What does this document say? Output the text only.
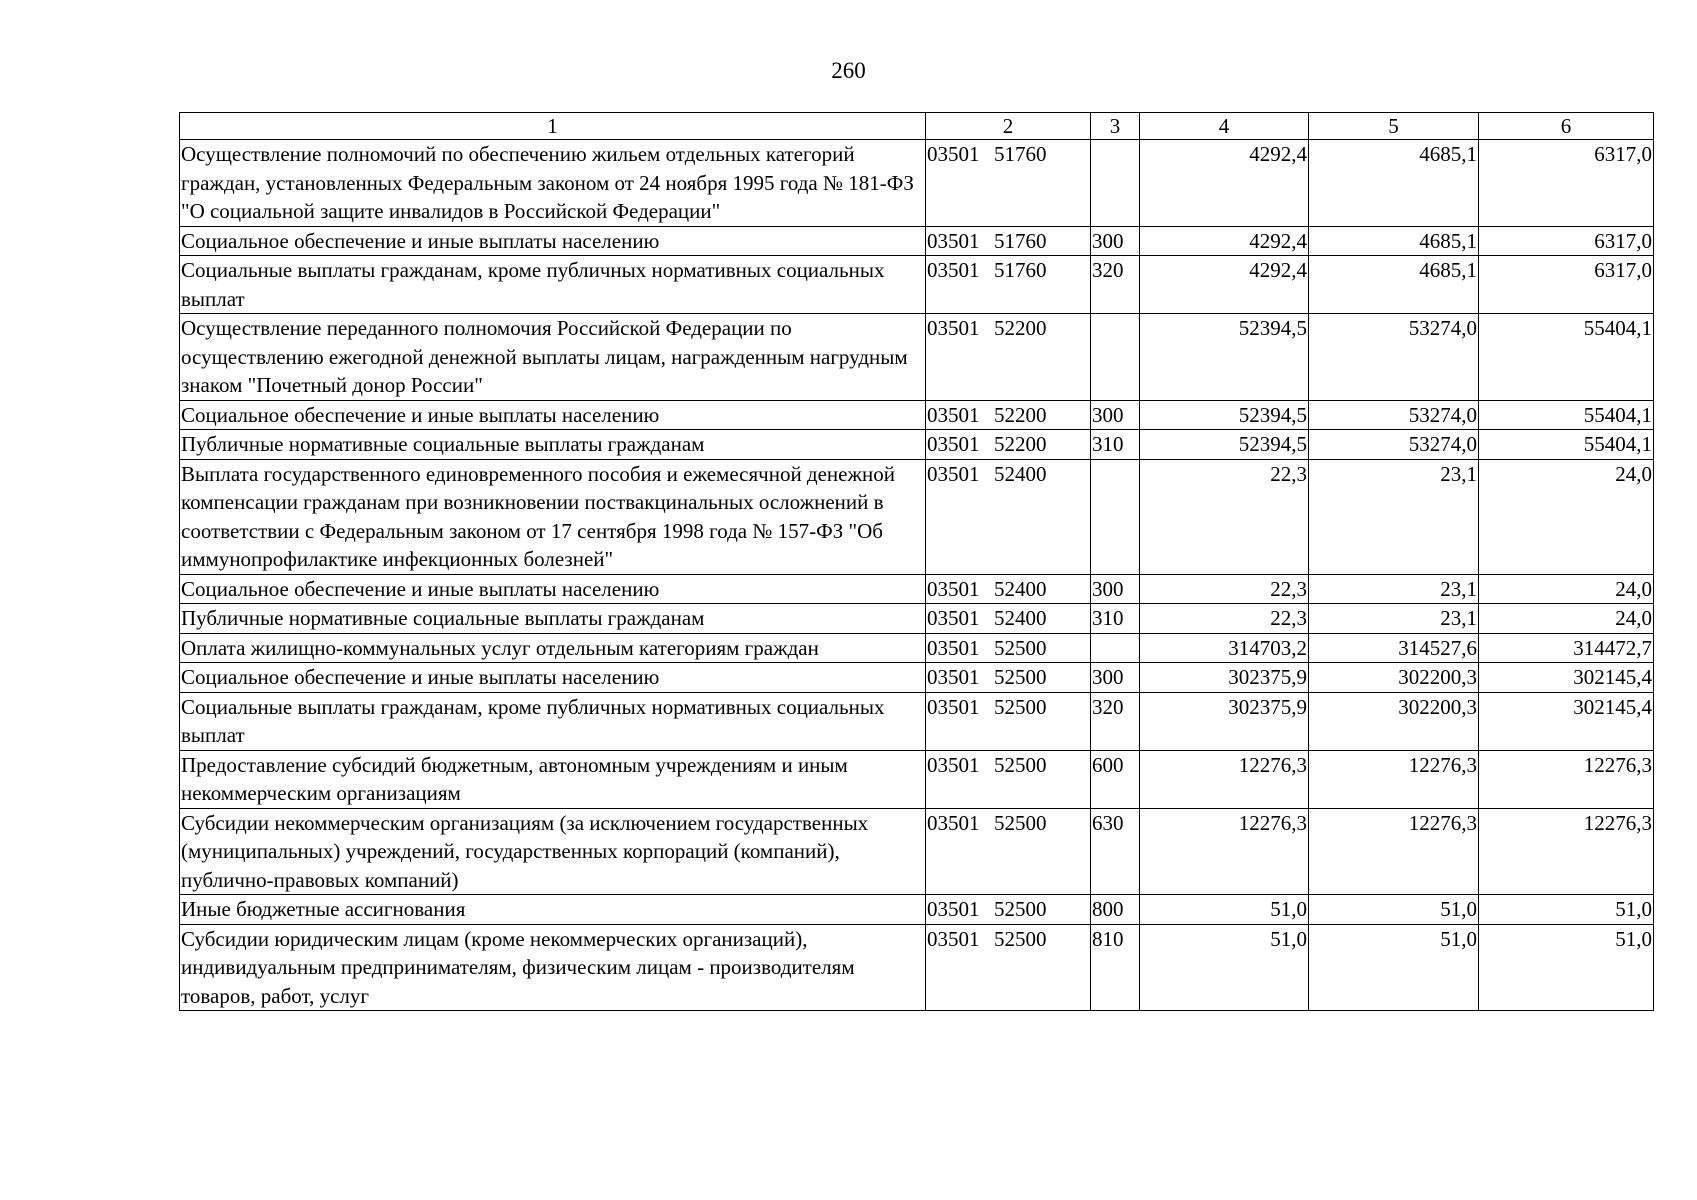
260
1	2	3	4	5	6
Осуществление полномочий по обеспечению жильем отдельных категорий граждан, установленных Федеральным законом от 24 ноября 1995 года № 181-ФЗ "О социальной защите инвалидов в Российской Федерации"	03501 51760		4292,4	4685,1	6317,0
Социальное обеспечение и иные выплаты населению	03501 51760	300	4292,4	4685,1	6317,0
Социальные выплаты гражданам, кроме публичных нормативных социальных выплат	03501 51760	320	4292,4	4685,1	6317,0
Осуществление переданного полномочия Российской Федерации по осуществлению ежегодной денежной выплаты лицам, награжденным нагрудным знаком "Почетный донор России"	03501 52200		52394,5	53274,0	55404,1
Социальное обеспечение и иные выплаты населению	03501 52200	300	52394,5	53274,0	55404,1
Публичные нормативные социальные выплаты гражданам	03501 52200	310	52394,5	53274,0	55404,1
Выплата государственного единовременного пособия и ежемесячной денежной компенсации гражданам при возникновении поствакцинальных осложнений в соответствии с Федеральным законом от 17 сентября 1998 года № 157-ФЗ "Об иммунопрофилактике инфекционных болезней"	03501 52400		22,3	23,1	24,0
Социальное обеспечение и иные выплаты населению	03501 52400	300	22,3	23,1	24,0
Публичные нормативные социальные выплаты гражданам	03501 52400	310	22,3	23,1	24,0
Оплата жилищно-коммунальных услуг отдельным категориям граждан	03501 52500		314703,2	314527,6	314472,7
Социальное обеспечение и иные выплаты населению	03501 52500	300	302375,9	302200,3	302145,4
Социальные выплаты гражданам, кроме публичных нормативных социальных выплат	03501 52500	320	302375,9	302200,3	302145,4
Предоставление субсидий бюджетным, автономным учреждениям и иным некоммерческим организациям	03501 52500	600	12276,3	12276,3	12276,3
Субсидии некоммерческим организациям (за исключением государственных (муниципальных) учреждений, государственных корпораций (компаний), публично-правовых компаний)	03501 52500	630	12276,3	12276,3	12276,3
Иные бюджетные ассигнования	03501 52500	800	51,0	51,0	51,0
Субсидии юридическим лицам (кроме некоммерческих организаций), индивидуальным предпринимателям, физическим лицам - производителям товаров, работ, услуг	03501 52500	810	51,0	51,0	51,0
